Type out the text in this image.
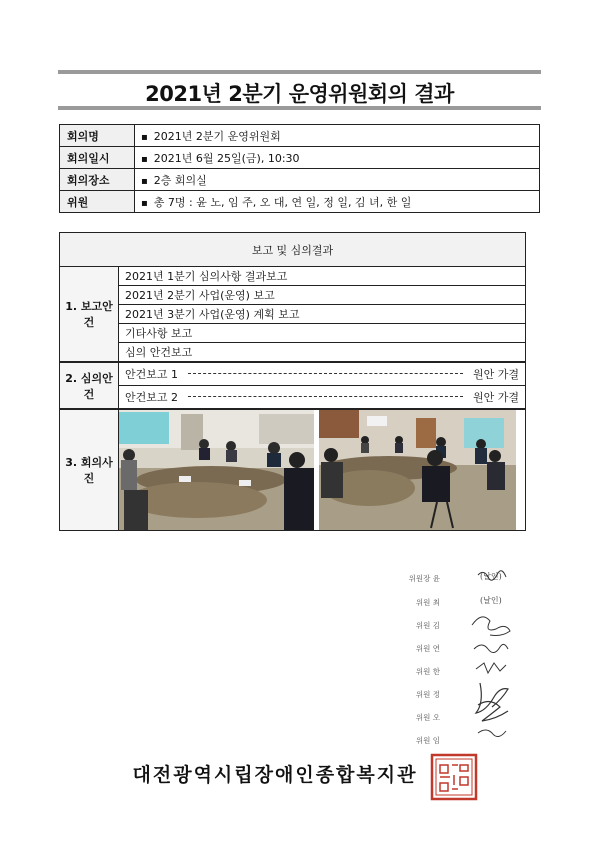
2021년 2분기 운영위원회의 결과
회의명	▪ 2021년 2분기 운영위원회
회의일시	▪ 2021년 6월 25일(금), 10:30
회의장소	▪ 2층 회의실
위원	▪ 총 7명 : 윤 노, 임 주, 오 대, 연 일, 정 일, 김 녀, 한 일
보고 및 심의결과	
1. 보고안건	2021년 1분기 심의사항 결과보고
	2021년 2분기 사업(운영) 보고
	2021년 3분기 사업(운영) 계획 보고
	기타사항 보고
	심의 안건보고
2. 심의안건	안건보고 1 원안 가결

	안건보고 2 원안 가결

3. 회의사진	
위원장 윤	(날인)
위원 최	(날인)
위원 김
위원 연
위원 한
위원 정
위원 오
위원 임
대전광역시립장애인종합복지관
